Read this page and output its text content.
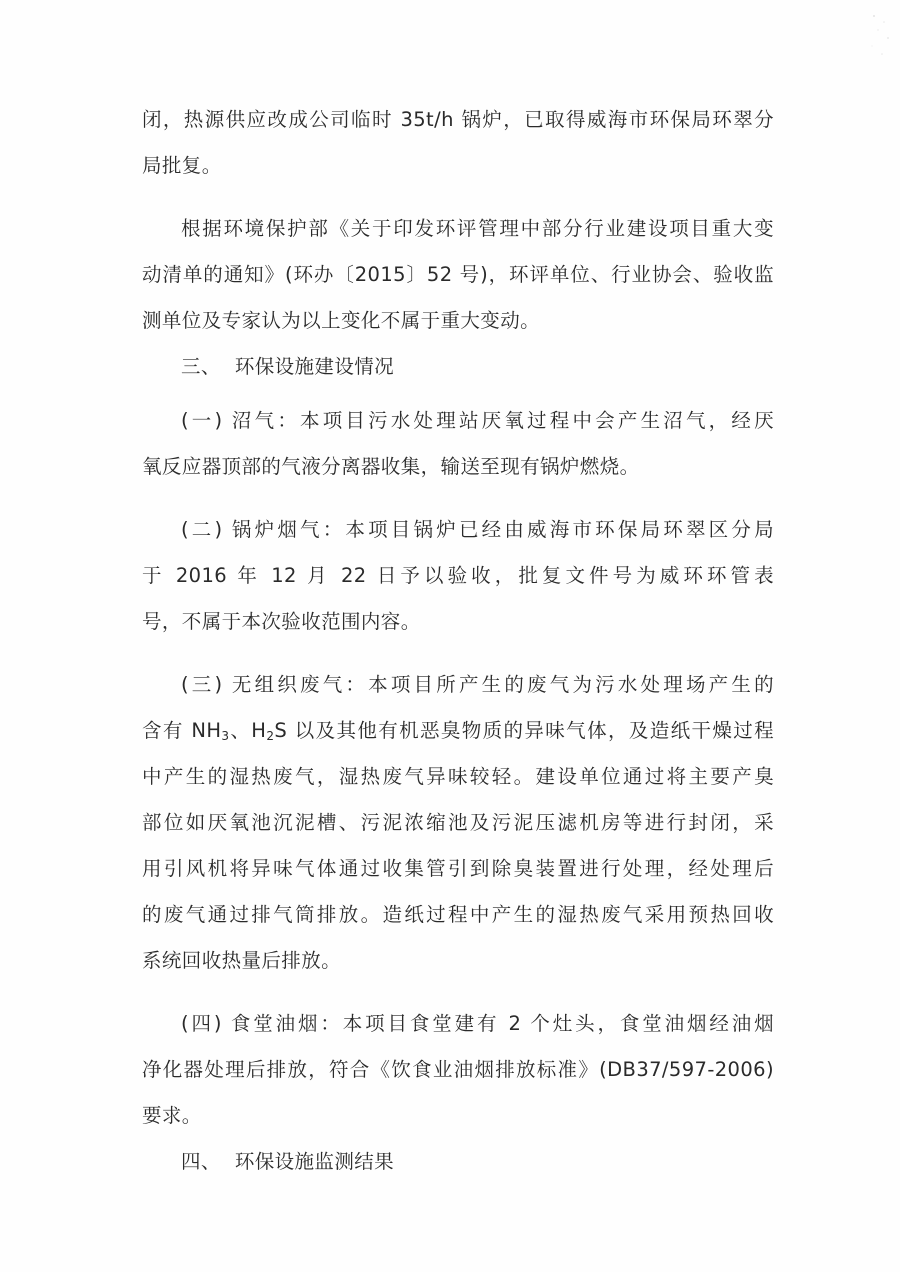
闭，热源供应改成公司临时 35t/h 锅炉，已取得威海市环保局环翠分
局批复。
根据环境保护部《关于印发环评管理中部分行业建设项目重大变
动清单的通知》(环办〔2015〕52 号)，环评单位、行业协会、验收监
测单位及专家认为以上变化不属于重大变动。
三、 环保设施建设情况
(一) 沼气：本项目污水处理站厌氧过程中会产生沼气，经厌
氧反应器顶部的气液分离器收集，输送至现有锅炉燃烧。
(二) 锅炉烟气：本项目锅炉已经由威海市环保局环翠区分局
于 2016 年 12 月 22 日予以验收，批复文件号为威环环管表
号，不属于本次验收范围内容。
(三) 无组织废气：本项目所产生的废气为污水处理场产生的
含有 $NH_3$、$H_2S$ 以及其他有机恶臭物质的异味气体，及造纸干燥过程
中产生的湿热废气，湿热废气异味较轻。建设单位通过将主要产臭
部位如厌氧池沉泥槽、污泥浓缩池及污泥压滤机房等进行封闭，采
用引风机将异味气体通过收集管引到除臭装置进行处理，经处理后
的废气通过排气筒排放。造纸过程中产生的湿热废气采用预热回收
系统回收热量后排放。
(四) 食堂油烟：本项目食堂建有 2 个灶头，食堂油烟经油烟
净化器处理后排放，符合《饮食业油烟排放标准》(DB37/597-2006)
要求。
四、 环保设施监测结果
